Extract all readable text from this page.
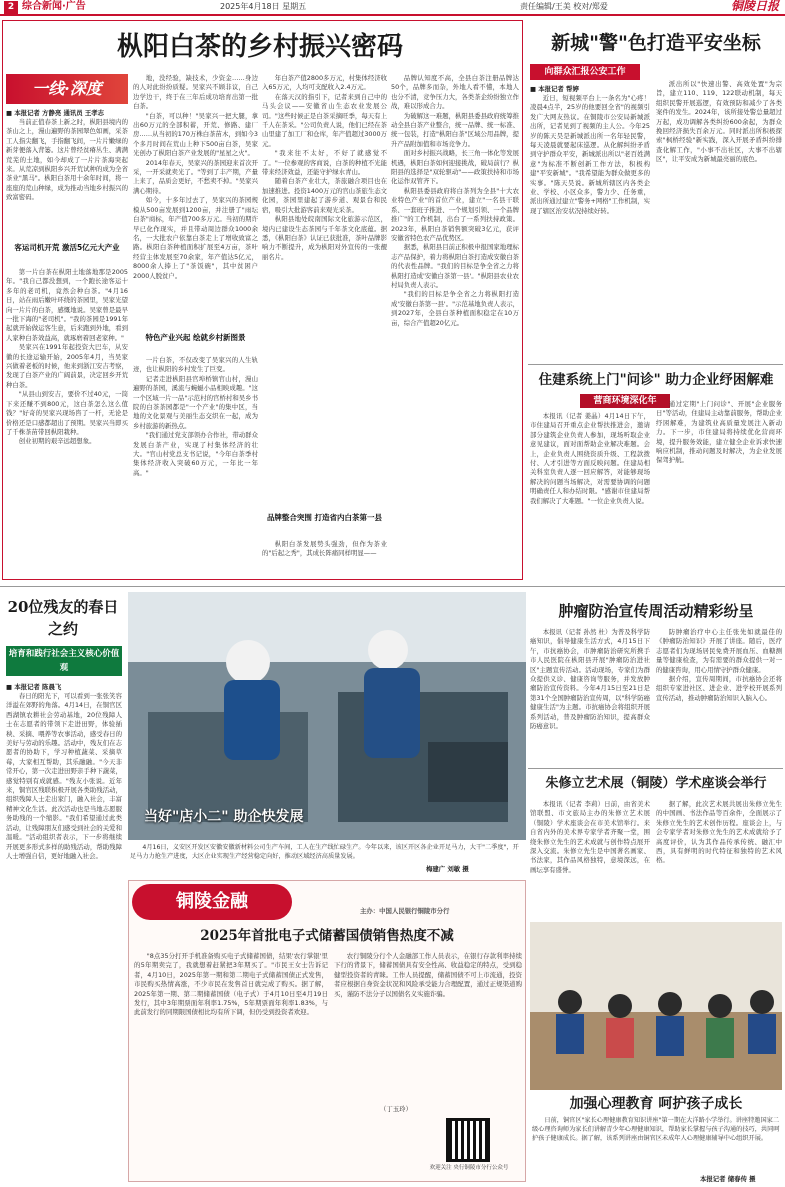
2 综合新闻·广告	2025年4月18日 星期五	责任编辑/王美 校对/郑爱	铜陵日报
枞阳白茶的乡村振兴密码
一线·深度
■ 本报记者 方静亮 通讯员 王孝志
当前正值春茶上新之时，枞阳县境内的茶山之上，漫山遍野的茶园翠色如画，采茶工人指尖翻飞，手指翻飞间，一片片嫩绿的新芽便落入背篓。这片曾经贫瘠丛生、满满荒芜的土地，如今却成了一片片茶海突起来。从荒凉到枞阳乡兴开荒试种的成为全省茶业"黑马"。枞阳白茶用十余年时间，将一座座的荒山种绿，成为推动当地乡村振兴的致富密码。
客运司机开荒 激活5亿元大产业

第一片白茶在枞阳土地落地那是2005年。"我自己都没想到，一个跑长途客运十多年的老司机，竟然会种白茶。"4月16日，站在雨后嫩叶环绕的茶园里，吴家光望向一片片的白茶，感慨地说。吴家曾是最早一批下海的"老司机"。"我的茶园是1991年起就开始做运客生意，后来跑到外地，看到人家种白茶效益高，就琢磨着回老家种。"

吴家兴在1991年起投资大巴车，从安徽的长途运输开始，2005年4月，当吴家兴做着老板的时候，他来到浙江安吉考察，发现了白茶产业的广阔前景，决定回乡开荒种白茶。

"从县山到安吉，要价不过40元，一筒下来还赚不到800元，这白茶怎么这么值钱？"好奇的吴家兴现场咨了一杆，无论是价格还是口感都超出了预期。吴家兴当即买了千株茶苗带回枞阳栽种。

创业初期的艰辛远超想象。

地，没经验，缺技术，少资金……身边的人对此纷纷质疑。吴家兴不顾非议，自己边学边干，终于在三年后成功培育出第一批白茶。

"白茶，可以种！"吴家兴一把大腿，拿出60万元的全部积蓄，开荒、修路、建厂房……从当初的170万株白茶苗木，到如今3个多月时间在荒山上种下500亩白茶，吴家光创办了枞阳白茶产业发展的"星星之火"。

2014年春天，吴家兴的茶园迎来首次开采，一开采就卖光了。"等到了丰产期，产量上来了，品质会更好，不愁卖不掉。"吴家兴满心期待。

如今，十多年过去了，吴家兴的茶园规模从500亩发展到1200亩，并注册了"雨坛白茶"商标，年产值700多万元。当初的期许早已化作现实，并且带动周边群众1000余名，一大批农户依靠白茶走上了增收致富之路。枞阳白茶种植面积扩展至4万亩，茶叶经营主体发展至70余家，年产值达5亿元，8000余人捧上了"茶饭碗"，其中贫困户2000人脱贫户。

特色产业兴起 绘就乡村新图景

一片白茶，不仅改变了吴家兴的人生轨迹，也让枞阳的乡村发生了巨变。

记者走进枞阳县官埠桥镇官山村，漫山遍野的茶园，溪流与蜿蜒小品相映成趣。"这一个区域一片一品"示范村的官桥村和吴乡书院的白茶茶园都是"一个产业"的集中区，当地的文化景观与美丽生态交织在一起，成为乡村旅游的新热点。

"我们通过党支部领办合作社，带动群众发展白茶产业，实现了村集体经济的壮大。"官山村党总支书记说，"今年白茶季村集体经济收入突破60万元，一年比一年高。"

年白茶产值2800多万元，村集体经济收入65万元，人均可支配收入2.4万元。

在落天汉的指引下，记者来到自己中的马头会议——安徽省山生态农业发展公司。"这些时候正是白茶采摘旺季，每天有上千人在茶采。"公司负责人说，他们已经在茶山里建了加工厂和仓库，年产值超过3000万元。

"我来往不太好，不好了就感觉不了。"一位参观的客商说，白茶的种植不光能带来经济效益，还能守护绿水青山。

随着白茶产业壮大，茶旅融合项目也在加速推进。投资1400万元的官山茶旅生态文化园，茶园里建起了游步道、观景台和民宿，吸引大批游客前来观光采茶。

枞阳县地处皖南国际文化旅游示范区，境内已建设生态茶园与千年茶文化底蕴。据悉，《枞阳白茶》认证已获批准，茶叶品牌影响力不断提升，成为枞阳对外宣传的一张靓丽名片。

品牌整合突围 打造省内白茶第一县
枞阳白茶发展势头强劲，但作为茶业的"后起之秀"，其成长阵痛同样明显——

品牌认知度不高，全县白茶注册品牌达50个，品牌多而杂，外地人看不懂，本地人也分不清，竞争压力大，各类茶企纷纷独立作战，难以形成合力。

为破解这一难题，枞阳县委县政府统筹推动全县白茶产业整合，统一品牌、统一标准、统一包装，打造"枞阳白茶"区域公用品牌，提升产品附加值和市场竞争力。

面对乡村振兴战略，长三角一体化等发展机遇，枞阳白茶如何迎接挑战，破局前行？枞阳县的选择是"双轮驱动"——政策扶持和市场化运作双管齐下。

枞阳县委县政府将白茶列为全县"十大农业特色产业"的首位产业，建立"一名县干联系、一套班子推进、一个规划引领、一个品牌推广"的工作机制，出台了一系列扶持政策。2023年，枞阳白茶销售额突破3亿元，获评安徽省特色农产品优势区。

据悉，枞阳县目前正积极申报国家地理标志产品保护，着力将枞阳白茶打造成安徽白茶的代表性品牌。"我们的目标是争全省之力将枞阳打造成'安徽白茶第一县'。"枞阳县农业农村局负责人表示。

"我们的目标是争全省之力将枞阳打造成'安徽白茶第一县'。"示范基地负责人表示，到2027年，全县白茶种植面积稳定在10万亩，综合产值超20亿元。

新城"警"色打造平安坐标
向群众汇报公安工作
■ 本报记者 帮婷
近日，短视频平台上一条名为"心疼！凌晨4点半，25岁的他要回全省"的视频引发广大网友热议。在铜陵市公安局新城派出所，记者见到了视频的主人公。今年25岁的陈天昊是新城派出所一名年轻民警，每天凌晨就要起床巡逻。从化解纠纷矛盾到守护群众平安，新城派出所以"老百姓满意"为标准不断创新工作方法，积极构建"平安新城"。"我希望能为群众做更多的实事。"陈天昊说。新城所辖区内各类企业、学校、小区众多，警力少、任务重，派出所通过建立"警务+网格"工作机制，实现了辖区治安状况持续好转。
派出所以"快速出警、高效处置"为宗旨，建立110、119、122联动机制，每天组织民警开展巡逻，有效预防和减少了各类案件的发生。2024年，该所接处警总量超过万起，成功调解各类纠纷600余起，为群众挽回经济损失百余万元。同时派出所积极探索"枫桥经验"新实践，深入开展矛盾纠纷排查化解工作，"小事不出社区，大事不出辖区"，让平安成为新城最亮丽的底色。
住建系统上门"问诊" 助力企业纾困解难
营商环境深化年
本报讯（记者 姜晶）4月14日下午，市住建局召开重点企业帮扶推进会，邀请部分建筑企业负责人参加，现场听取企业意见建议，面对面帮助企业解决难题。会上，企业负责人围绕资质升级、工程款拨付、人才引进等方面反映问题。住建局相关科室负责人逐一回应解答，对能够现场解决的问题当场解决，对需要协调的问题明确责任人和办结时限。"感谢市住建局帮我们解决了大难题。"一位企业负责人说。
通过定期"上门问诊"、开展"企业服务日"等活动，住建局主动靠前服务，帮助企业纾困解难，为建筑业高质量发展注入新动力。下一步，市住建局将持续优化营商环境，提升服务效能，建立健全企业诉求快速响应机制，推动问题及时解决，为企业发展保驾护航。
20位残友的春日之约
培育和践行社会主义核心价值观
■ 本报记者 陈晨飞
春日的阳光下，可以看到一张张笑容洋溢在郊野的角落。4月14日，在铜官区西湖镇农耕社会劳动基地，20位残障人士在志愿者的带领下走进田野，体验插秧、采摘、喂养等农事活动，感受春日的美好与劳动的乐趣。活动中，残友们在志愿者的协助下，学习种植蔬菜、采摘草莓，大家相互帮助，其乐融融。"今天非常开心，第一次走进田野亲手种下蔬菜，感觉特别有成就感。"残友小张说。近年来，铜官区残联积极开展各类助残活动，组织残障人士走出家门，融入社会，丰富精神文化生活。此次活动也是当地志愿服务助残的一个缩影。"我们希望通过此类活动，让残障朋友们感受到社会的关爱和温暖。"活动组织者表示，下一步将继续开展更多形式多样的助残活动，帮助残障人士增强自信，更好地融入社会。
当好"店小二" 助企快发展
4月16日，义安区开发区安徽安徽新材料公司生产车间，工人在生产线忙碌生产。今年以来，该区开区各企业开足马力，大干"二季度"，开足马力力抢生产进度，大区企业实现生产经营稳定向好，推动区域经济高质量发展。
梅建广 刘敏 摄
铜陵金融	主办：中国人民银行铜陵市分行
2025年首批电子式储蓄国债销售热度不减
"8点35分打开手机准备购买电子式储蓄国债，结果'农行掌银'里的5年期卖完了，我就想着赶紧把3年期买了。"市民王女士告诉记者，4月10日，2025年第一期和第二期电子式储蓄国债正式发售，市民购买热情高涨，不少市民在发售首日就完成了购买。据了解，2025年第一期、第二期储蓄国债（电子式）于4月10日至4月19日发行，其中3年期票面年利率1.75%，5年期票面年利率1.83%，与此前发行的同期限国债相比均有所下调，但仍受到投资者欢迎。
农行铜陵分行个人金融部工作人员表示，在银行存款利率持续下行的背景下，储蓄国债具有安全性高、收益稳定的特点，受到稳健型投资者的青睐。工作人员提醒，储蓄国债不可上市流通，投资者应根据自身资金状况和风险承受能力合理配置，通过正规渠道购买，谨防不法分子以国债名义实施诈骗。
（丁玉玲）
欢迎关注 央行铜陵市分行公众号
肿瘤防治宣传周活动精彩纷呈
本报讯（记者 孙然 杜）为普及科学防癌知识，倡导健康生活方式，4月15日下午，市抗癌协会，市肿瘤防治研究所携手市人民医院在枞阳县开展"肿瘤防治进社区"主题宣传活动。活动现场，专家们为群众提供义诊、健康咨询等服务，并发放肿瘤防治宣传资料。今年4月15日至21日是第31个全国肿瘤防治宣传周，以"科学防癌 健康生活"为主题。市抗癌协会将组织开展系列活动，普及肿瘤防治知识，提高群众防癌意识。

防肿瘤治疗中心主任张先如就最佳的《肿瘤防治知识》开展了讲座。随后，医疗志愿者们为现场居民免费开展血压、血糖测量等健康检查，为有需要的群众提供一对一的健康咨询，用心用情守护群众健康。

据介绍，宣传周期间，市抗癌协会还将组织专家进社区、进企业、进学校开展系列宣传活动，推动肿瘤防治知识入脑入心。

朱修立艺术展（铜陵）学术座谈会举行
本报讯（记者 李莉）日前，由省美术馆联盟、市文旅局主办的朱修立艺术展（铜陵）学术座谈会在市美术馆举行。来自省内外的美术界专家学者齐聚一堂，围绕朱修立先生的艺术成就与创作特点展开深入交流。朱修立先生是中国著名画家、书法家，其作品风格独特，意境深远，在画坛享有盛誉。
据了解，此次艺术展共展出朱修立先生的中国画、书法作品等百余件，全面展示了朱修立先生的艺术创作历程。座谈会上，与会专家学者对朱修立先生的艺术成就给予了高度评价，认为其作品传承传统、融汇中西，具有鲜明的时代特征和独特的艺术风格。
加强心理教育 呵护孩子成长
日前，铜官区"家长心理健康教育知识讲座"第一期在大洋路小学举行。讲座特邀国家二级心理咨询师为家长们讲解青少年心理健康知识，帮助家长掌握与孩子沟通的技巧，共同呵护孩子健康成长。据了解，该系列讲座由铜官区未成年人心理健康辅导中心组织开展。
本报记者 储春传 摄
